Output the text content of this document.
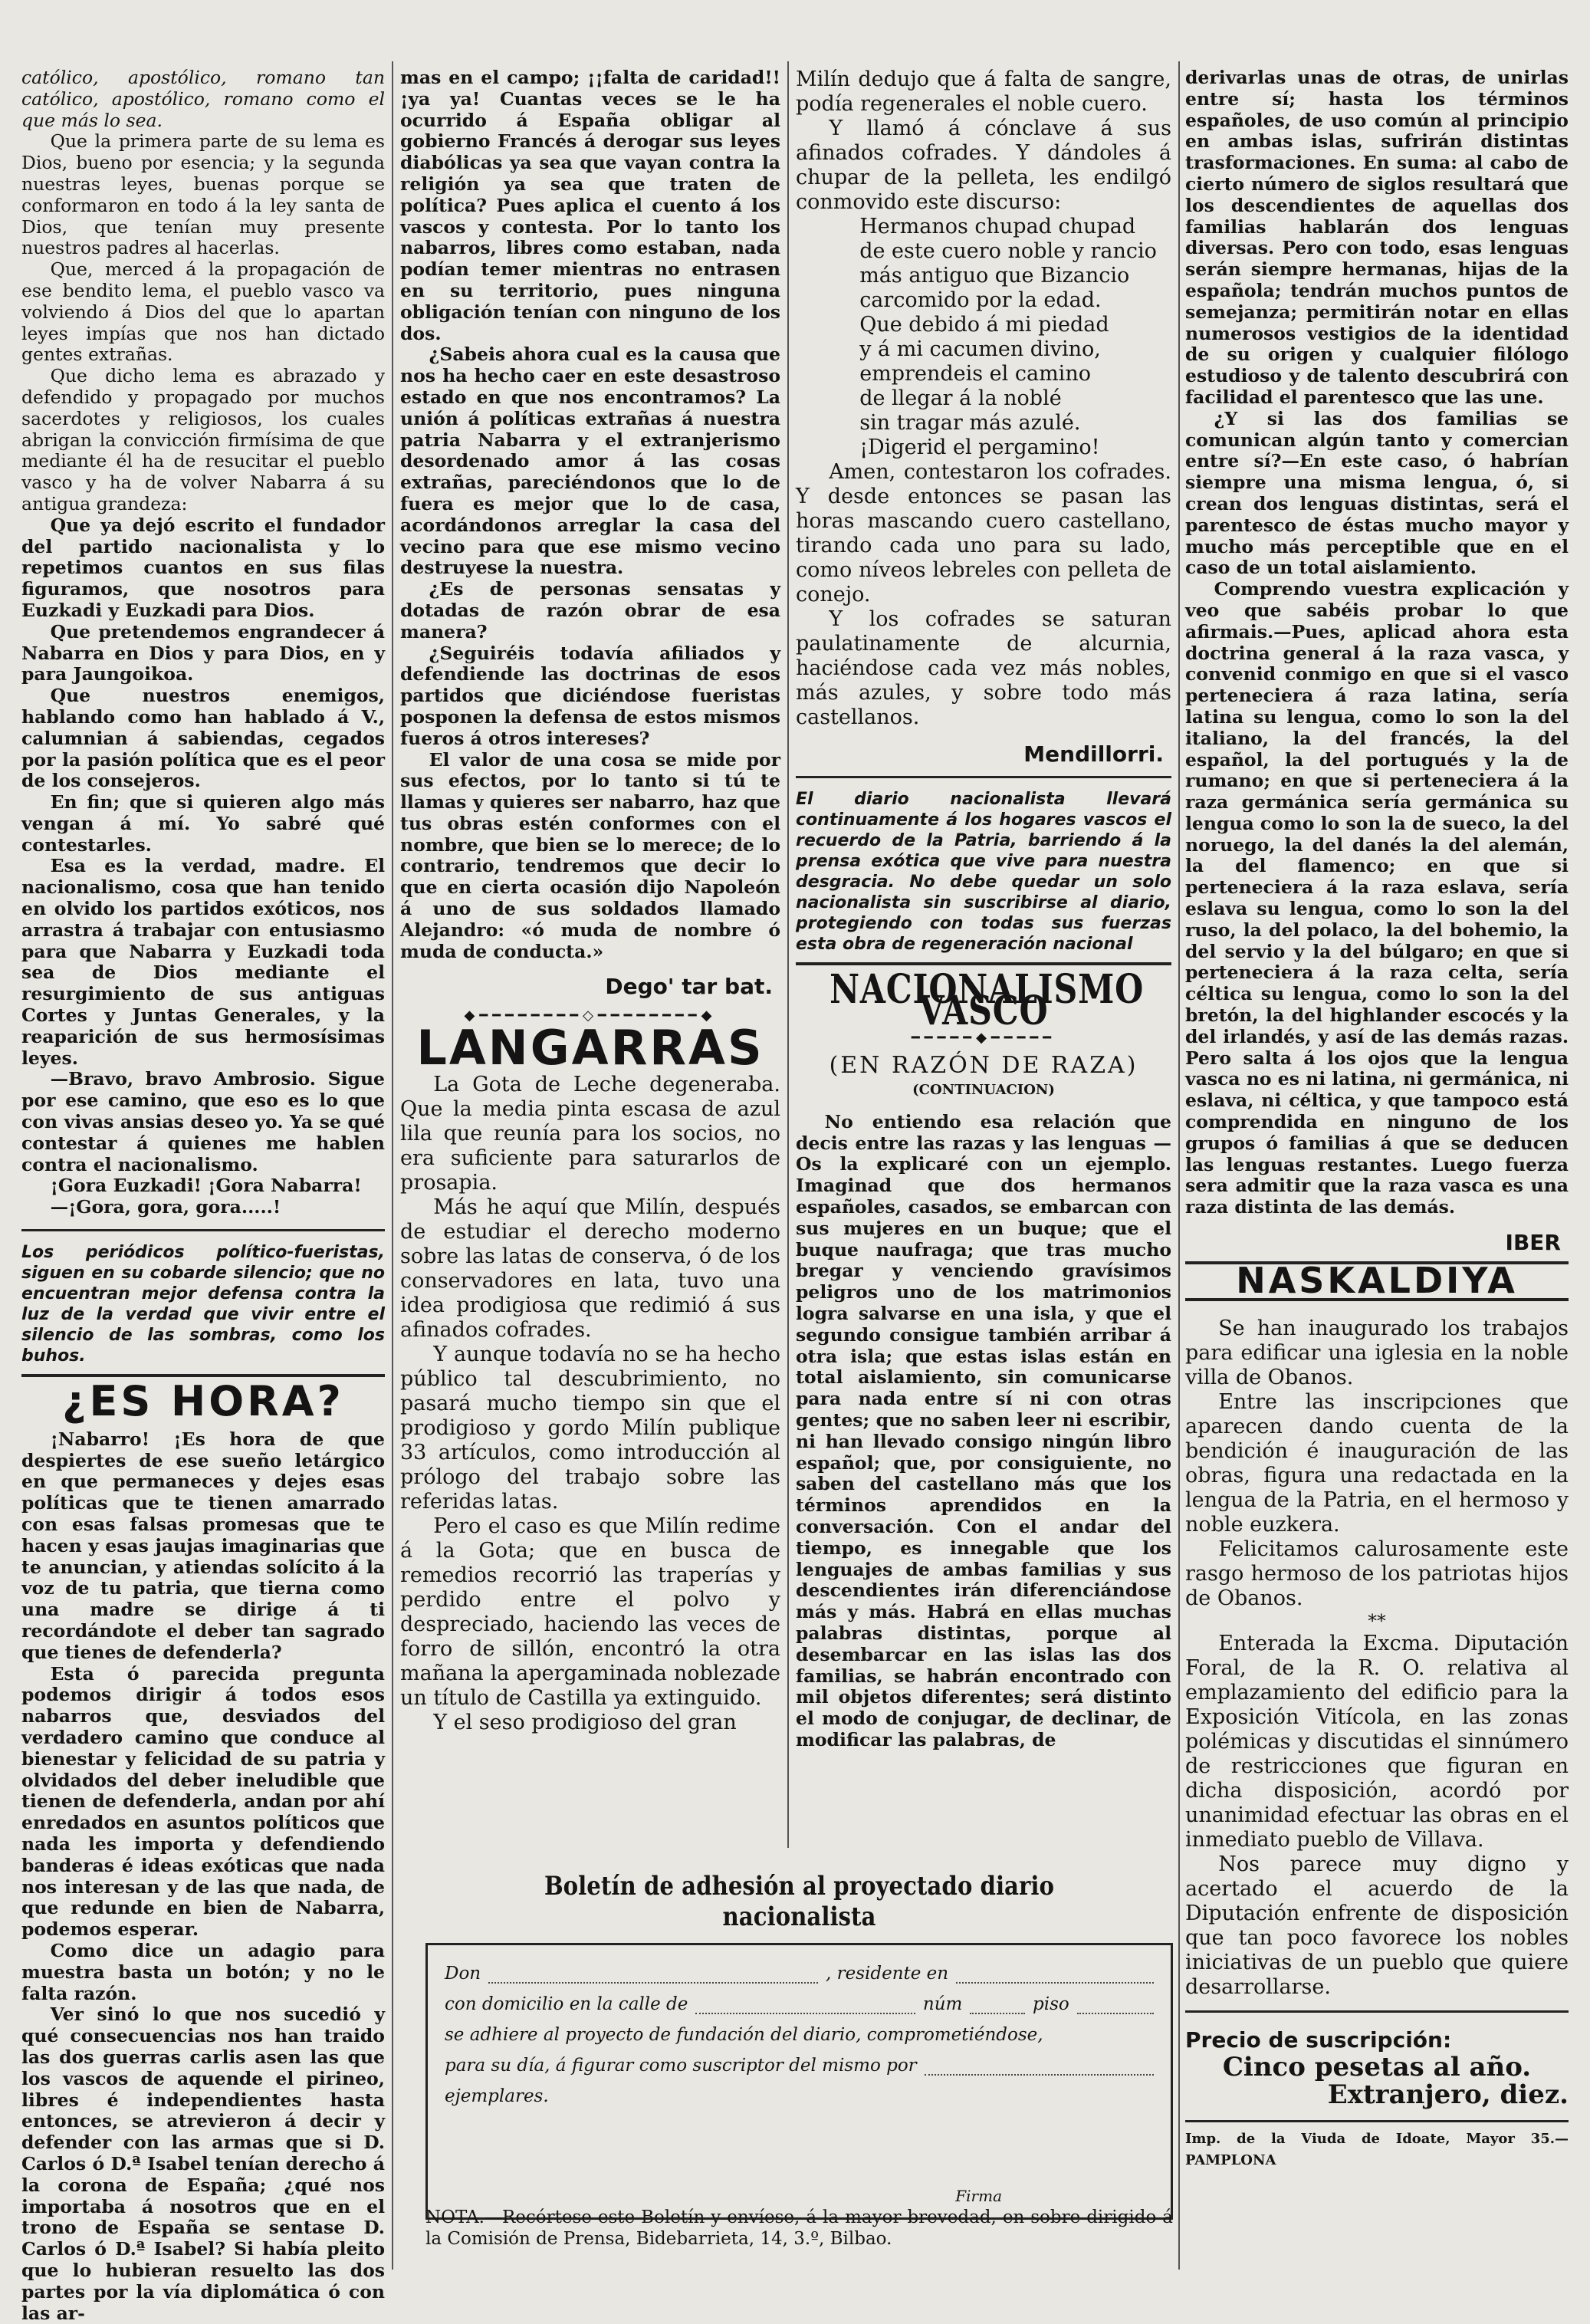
católico, apostólico, romano tan católico, apostólico, romano como el que más lo sea.

Que la primera parte de su lema es Dios, bueno por esencia; y la segunda nuestras leyes, buenas porque se conformaron en todo á la ley santa de Dios, que tenían muy presente nuestros padres al hacerlas.

Que, merced á la propagación de ese bendito lema, el pueblo vasco va volviendo á Dios del que lo apartan leyes impías que nos han dictado gentes extrañas.

Que dicho lema es abrazado y defendido y propagado por muchos sacerdotes y religiosos, los cuales abrigan la convicción firmísima de que mediante él ha de resucitar el pueblo vasco y ha de volver Nabarra á su antigua grandeza:

Que ya dejó escrito el fundador del partido nacionalista y lo repetimos cuantos en sus filas figuramos, que nosotros para Euzkadi y Euzkadi para Dios.

Que pretendemos engrandecer á Nabarra en Dios y para Dios, en y para Jaungoikoa.

Que nuestros enemigos, hablando como han hablado á V., calumnian á sabiendas, cegados por la pasión política que es el peor de los consejeros.

En fin; que si quieren algo más vengan á mí. Yo sabré qué contestarles.

Esa es la verdad, madre. El nacionalismo, cosa que han tenido en olvido los partidos exóticos, nos arrastra á trabajar con entusiasmo para que Nabarra y Euzkadi toda sea de Dios mediante el resurgimiento de sus antiguas Cortes y Juntas Generales, y la reaparición de sus hermosísimas leyes.

—Bravo, bravo Ambrosio. Sigue por ese camino, que eso es lo que con vivas ansias deseo yo. Ya se qué contestar á quienes me hablen contra el nacionalismo.

¡Gora Euzkadi! ¡Gora Nabarra!

—¡Gora, gora, gora.....!

Los periódicos político-fueristas, siguen en su cobarde silencio; que no encuentran mejor defensa contra la luz de la verdad que vivir entre el silencio de las sombras, como los buhos.
¿ES HORA?

¡Nabarro! ¡Es hora de que despiertes de ese sueño letárgico en que permaneces y dejes esas políticas que te tienen amarrado con esas falsas promesas que te hacen y esas jaujas imaginarias que te anuncian, y atiendas solícito á la voz de tu patria, que tierna como una madre se dirige á ti recordándote el deber tan sagrado que tienes de defenderla?

Esta ó parecida pregunta podemos dirigir á todos esos nabarros que, desviados del verdadero camino que conduce al bienestar y felicidad de su patria y olvidados del deber ineludible que tienen de defenderla, andan por ahí enredados en asuntos políticos que nada les importa y defendiendo banderas é ideas exóticas que nada nos interesan y de las que nada, de que redunde en bien de Nabarra, podemos esperar.

Como dice un adagio para muestra basta un botón; y no le falta razón.

Ver sinó lo que nos sucedió y qué consecuencias nos han traido las dos guerras carlis asen las que los vascos de aquende el pirineo, libres é independientes hasta entonces, se atrevieron á decir y defender con las armas que si D. Carlos ó D.ª Isabel tenían derecho á la corona de España; ¿qué nos importaba á nosotros que en el trono de España se sentase D. Carlos ó D.ª Isabel? Si había pleito que lo hubieran resuelto las dos partes por la vía diplomática ó con las ar-

mas en el campo; ¡¡falta de caridad!! ¡ya ya! Cuantas veces se le ha ocurrido á España obligar al gobierno Francés á derogar sus leyes diabólicas ya sea que vayan contra la religión ya sea que traten de política? Pues aplica el cuento á los vascos y contesta. Por lo tanto los nabarros, libres como estaban, nada podían temer mientras no entrasen en su territorio, pues ninguna obligación tenían con ninguno de los dos.

¿Sabeis ahora cual es la causa que nos ha hecho caer en este desastroso estado en que nos encontramos? La unión á políticas extrañas á nuestra patria Nabarra y el extranjerismo desordenado amor á las cosas extrañas, pareciéndonos que lo de fuera es mejor que lo de casa, acordándonos arreglar la casa del vecino para que ese mismo vecino destruyese la nuestra.

¿Es de personas sensatas y dotadas de razón obrar de esa manera?

¿Seguiréis todavía afiliados y defendiende las doctrinas de esos partidos que diciéndose fueristas posponen la defensa de estos mismos fueros á otros intereses?

El valor de una cosa se mide por sus efectos, por lo tanto si tú te llamas y quieres ser nabarro, haz que tus obras estén conformes con el nombre, que bien se lo merece; de lo contrario, tendremos que decir lo que en cierta ocasión dijo Napoleón á uno de sus soldados llamado Alejandro: «ó muda de nombre ó muda de conducta.»

Dego' tar bat.
◆━━━━━━━━◇━━━━━━━━◆
LANGARRAS

La Gota de Leche degeneraba. Que la media pinta escasa de azul lila que reunía para los socios, no era suficiente para saturarlos de prosapia.

Más he aquí que Milín, después de estudiar el derecho moderno sobre las latas de conserva, ó de los conservadores en lata, tuvo una idea prodigiosa que redimió á sus afinados cofrades.

Y aunque todavía no se ha hecho público tal descubrimiento, no pasará mucho tiempo sin que el prodigioso y gordo Milín publique 33 artículos, como introducción al prólogo del trabajo sobre las referidas latas.

Pero el caso es que Milín redime á la Gota; que en busca de remedios recorrió las traperías y perdido entre el polvo y despreciado, haciendo las veces de forro de sillón, encontró la otra mañana la apergaminada noblezade un título de Castilla ya extinguido.

Y el seso prodigioso del gran

Milín dedujo que á falta de sangre, podía regenerales el noble cuero.

Y llamó á cónclave á sus afinados cofrades. Y dándoles á chupar de la pelleta, les endilgó conmovido este discurso:

Hermanos chupad chupad

de este cuero noble y rancio

más antiguo que Bizancio

carcomido por la edad.

Que debido á mi piedad

y á mi cacumen divino,

emprendeis el camino

de llegar á la noblé

sin tragar más azulé.

¡Digerid el pergamino!

Amen, contestaron los cofrades. Y desde entonces se pasan las horas mascando cuero castellano, tirando cada uno para su lado, como níveos lebreles con pelleta de conejo.

Y los cofrades se saturan paulatinamente de alcurnia, haciéndose cada vez más nobles, más azules, y sobre todo más castellanos.

Mendillorri.
El diario nacionalista llevará continuamente á los hogares vascos el recuerdo de la Patria, barriendo á la prensa exótica que vive para nuestra desgracia. No debe quedar un solo nacionalista sin suscribirse al diario, protegiendo con todas sus fuerzas esta obra de regeneración nacional
NACIONALISMO VASCO
━━━━━◆━━━━━
(EN RAZÓN DE RAZA)
(CONTINUACION)

No entiendo esa relación que decis entre las razas y las lenguas —Os la explicaré con un ejemplo. Imaginad que dos hermanos españoles, casados, se embarcan con sus mujeres en un buque; que el buque naufraga; que tras mucho bregar y venciendo gravísimos peligros uno de los matrimonios logra salvarse en una isla, y que el segundo consigue también arribar á otra isla; que estas islas están en total aislamiento, sin comunicarse para nada entre sí ni con otras gentes; que no saben leer ni escribir, ni han llevado consigo ningún libro español; que, por consiguiente, no saben del castellano más que los términos aprendidos en la conversación. Con el andar del tiempo, es innegable que los lenguajes de ambas familias y sus descendientes irán diferenciándose más y más. Habrá en ellas muchas palabras distintas, porque al desembarcar en las islas las dos familias, se habrán encontrado con mil objetos diferentes; será distinto el modo de conjugar, de declinar, de modificar las palabras, de

derivarlas unas de otras, de unirlas entre sí; hasta los términos españoles, de uso común al principio en ambas islas, sufrirán distintas trasformaciones. En suma: al cabo de cierto número de siglos resultará que los descendientes de aquellas dos familias hablarán dos lenguas diversas. Pero con todo, esas lenguas serán siempre hermanas, hijas de la española; tendrán muchos puntos de semejanza; permitirán notar en ellas numerosos vestigios de la identidad de su origen y cualquier filólogo estudioso y de talento descubrirá con facilidad el parentesco que las une.

¿Y si las dos familias se comunican algún tanto y comercian entre sí?—En este caso, ó habrían siempre una misma lengua, ó, si crean dos lenguas distintas, será el parentesco de éstas mucho mayor y mucho más perceptible que en el caso de un total aislamiento.

Comprendo vuestra explicación y veo que sabéis probar lo que afirmais.—Pues, aplicad ahora esta doctrina general á la raza vasca, y convenid conmigo en que si el vasco perteneciera á raza latina, sería latina su lengua, como lo son la del italiano, la del francés, la del español, la del portugués y la de rumano; en que si perteneciera á la raza germánica sería germánica su lengua como lo son la de sueco, la del noruego, la del danés la del alemán, la del flamenco; en que si perteneciera á la raza eslava, sería eslava su lengua, como lo son la del ruso, la del polaco, la del bohemio, la del servio y la del búlgaro; en que si perteneciera á la raza celta, sería céltica su lengua, como lo son la del bretón, la del highlander escocés y la del irlandés, y así de las demás razas. Pero salta á los ojos que la lengua vasca no es ni latina, ni germánica, ni eslava, ni céltica, y que tampoco está comprendida en ninguno de los grupos ó familias á que se deducen las lenguas restantes. Luego fuerza sera admitir que la raza vasca es una raza distinta de las demás.

IBER
NASKALDIYA

Se han inaugurado los trabajos para edificar una iglesia en la noble villa de Obanos.

Entre las inscripciones que aparecen dando cuenta de la bendición é inauguración de las obras, figura una redactada en la lengua de la Patria, en el hermoso y noble euzkera.

Felicitamos calurosamente este rasgo hermoso de los patriotas hijos de Obanos.

**

Enterada la Excma. Diputación Foral, de la R. O. relativa al emplazamiento del edificio para la Exposición Vitícola, en las zonas polémicas y discutidas el sinnúmero de restricciones que figuran en dicha disposición, acordó por unanimidad efectuar las obras en el inmediato pueblo de Villava.

Nos parece muy digno y acertado el acuerdo de la Diputación enfrente de disposición que tan poco favorece los nobles iniciativas de un pueblo que quiere desarrollarse.

Precio de suscripción:
Cinco pesetas al año.
Extranjero, diez.
Imp. de la Viuda de Idoate, Mayor 35.—PAMPLONA
Boletín de adhesión al proyectado diario nacionalista
Don	, residente en
con domicilio en la calle de	núm	piso
se adhiere al proyecto de fundación del diario, comprometiéndose,
para su día, á figurar como suscriptor del mismo por
ejemplares.
Firma
NOTA.—Recórtese este Boletín y envíese, á la mayor brevedad, en sobre dirigido á la Comisión de Prensa, Bidebarrieta, 14, 3.º, Bilbao.
